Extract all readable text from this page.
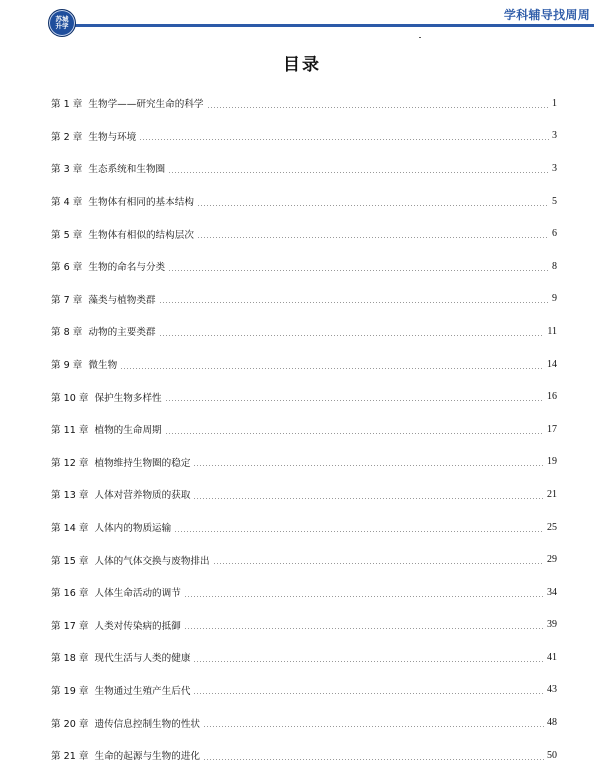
苏城
升学
学科辅导找周周
目录
第 1 章 生物学——研究生命的科学	1
第 2 章 生物与环境	3
第 3 章 生态系统和生物圈	3
第 4 章 生物体有相同的基本结构	5
第 5 章 生物体有相似的结构层次	6
第 6 章 生物的命名与分类	8
第 7 章 藻类与植物类群	9
第 8 章 动物的主要类群	11
第 9 章 微生物	14
第 10 章 保护生物多样性	16
第 11 章 植物的生命周期	17
第 12 章 植物维持生物圈的稳定	19
第 13 章 人体对营养物质的获取	21
第 14 章 人体内的物质运输	25
第 15 章 人体的气体交换与废物排出	29
第 16 章 人体生命活动的调节	34
第 17 章 人类对传染病的抵御	39
第 18 章 现代生活与人类的健康	41
第 19 章 生物通过生殖产生后代	43
第 20 章 遗传信息控制生物的性状	48
第 21 章 生命的起源与生物的进化	50
